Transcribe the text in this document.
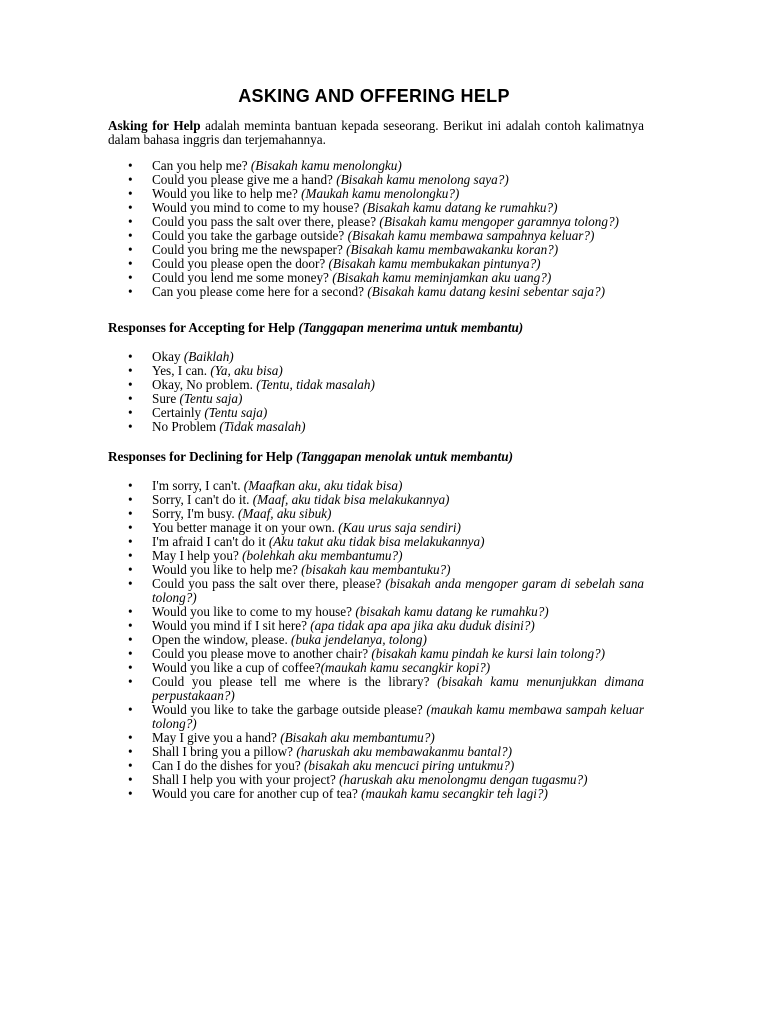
ASKING AND OFFERING HELP

Asking for Help adalah meminta bantuan kepada seseorang. Berikut ini adalah contoh kalimatnya dalam bahasa inggris dan terjemahannya.

• Can you help me? (Bisakah kamu menolongku)
• Could you please give me a hand? (Bisakah kamu menolong saya?)
• Would you like to help me? (Maukah kamu menolongku?)
• Would you mind to come to my house? (Bisakah kamu datang ke rumahku?)
• Could you pass the salt over there, please? (Bisakah kamu mengoper garamnya tolong?)
• Could you take the garbage outside? (Bisakah kamu membawa sampahnya keluar?)
• Could you bring me the newspaper? (Bisakah kamu membawakanku koran?)
• Could you please open the door? (Bisakah kamu membukakan pintunya?)
• Could you lend me some money? (Bisakah kamu meminjamkan aku uang?)
• Can you please come here for a second? (Bisakah kamu datang kesini sebentar saja?)

Responses for Accepting for Help (Tanggapan menerima untuk membantu)

• Okay (Baiklah)
• Yes, I can. (Ya, aku bisa)
• Okay, No problem. (Tentu, tidak masalah)
• Sure (Tentu saja)
• Certainly (Tentu saja)
• No Problem (Tidak masalah)

Responses for Declining for Help (Tanggapan menolak untuk membantu)

• I'm sorry, I can't. (Maafkan aku, aku tidak bisa)
• Sorry, I can't do it. (Maaf, aku tidak bisa melakukannya)
• Sorry, I'm busy. (Maaf, aku sibuk)
• You better manage it on your own. (Kau urus saja sendiri)
• I'm afraid I can't do it (Aku takut aku tidak bisa melakukannya)
• May I help you? (bolehkah aku membantumu?)
• Would you like to help me? (bisakah kau membantuku?)
• Could you pass the salt over there, please? (bisakah anda mengoper garam di sebelah sana tolong?)
• Would you like to come to my house? (bisakah kamu datang ke rumahku?)
• Would you mind if I sit here? (apa tidak apa apa jika aku duduk disini?)
• Open the window, please. (buka jendelanya, tolong)
• Could you please move to another chair? (bisakah kamu pindah ke kursi lain tolong?)
• Would you like a cup of coffee?(maukah kamu secangkir kopi?)
• Could you please tell me where is the library? (bisakah kamu menunjukkan dimana perpustakaan?)
• Would you like to take the garbage outside please? (maukah kamu membawa sampah keluar tolong?)
• May I give you a hand? (Bisakah aku membantumu?)
• Shall I bring you a pillow? (haruskah aku membawakanmu bantal?)
• Can I do the dishes for you? (bisakah aku mencuci piring untukmu?)
• Shall I help you with your project? (haruskah aku menolongmu dengan tugasmu?)
• Would you care for another cup of tea? (maukah kamu secangkir teh lagi?)
